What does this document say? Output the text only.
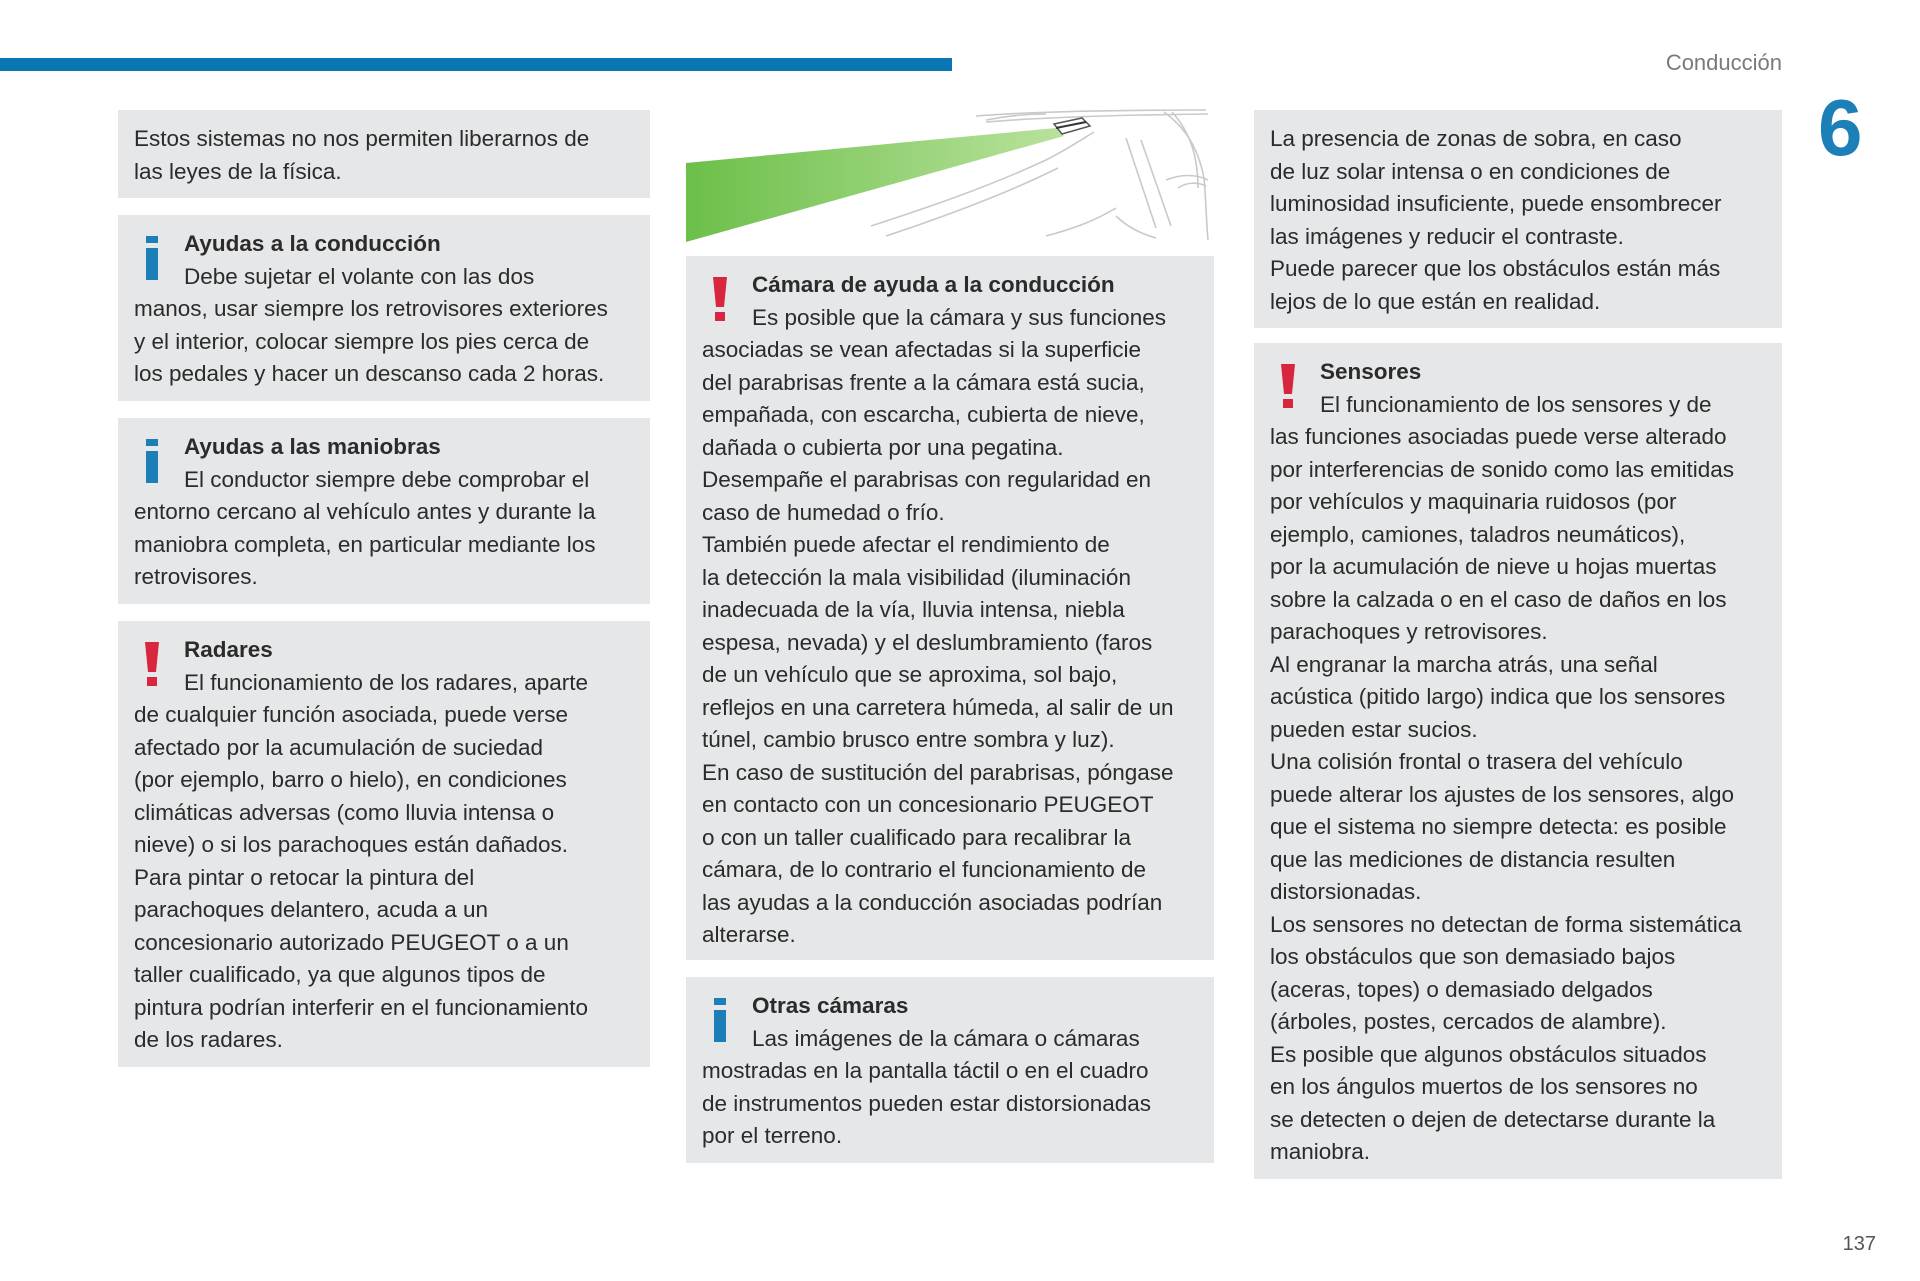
Conducción
6

Estos sistemas no nos permiten liberarnos de
las leyes de la física.

Ayudas a la conducción
Debe sujetar el volante con las dos

manos, usar siempre los retrovisores exteriores
y el interior, colocar siempre los pies cerca de
los pedales y hacer un descanso cada 2 horas.

Ayudas a las maniobras
El conductor siempre debe comprobar el

entorno cercano al vehículo antes y durante la
maniobra completa, en particular mediante los
retrovisores.

Radares
El funcionamiento de los radares, aparte

de cualquier función asociada, puede verse
afectado por la acumulación de suciedad
(por ejemplo, barro o hielo), en condiciones
climáticas adversas (como lluvia intensa o
nieve) o si los parachoques están dañados.
Para pintar o retocar la pintura del
parachoques delantero, acuda a un
concesionario autorizado PEUGEOT o a un
taller cualificado, ya que algunos tipos de
pintura podrían interferir en el funcionamiento
de los radares.

Cámara de ayuda a la conducción
Es posible que la cámara y sus funciones

asociadas se vean afectadas si la superficie
del parabrisas frente a la cámara está sucia,
empañada, con escarcha, cubierta de nieve,
dañada o cubierta por una pegatina.
Desempañe el parabrisas con regularidad en
caso de humedad o frío.
También puede afectar el rendimiento de
la detección la mala visibilidad (iluminación
inadecuada de la vía, lluvia intensa, niebla
espesa, nevada) y el deslumbramiento (faros
de un vehículo que se aproxima, sol bajo,
reflejos en una carretera húmeda, al salir de un
túnel, cambio brusco entre sombra y luz).
En caso de sustitución del parabrisas, póngase
en contacto con un concesionario PEUGEOT
o con un taller cualificado para recalibrar la
cámara, de lo contrario el funcionamiento de
las ayudas a la conducción asociadas podrían
alterarse.

Otras cámaras
Las imágenes de la cámara o cámaras

mostradas en la pantalla táctil o en el cuadro
de instrumentos pueden estar distorsionadas
por el terreno.

La presencia de zonas de sobra, en caso
de luz solar intensa o en condiciones de
luminosidad insuficiente, puede ensombrecer
las imágenes y reducir el contraste.
Puede parecer que los obstáculos están más
lejos de lo que están en realidad.

Sensores
El funcionamiento de los sensores y de

las funciones asociadas puede verse alterado
por interferencias de sonido como las emitidas
por vehículos y maquinaria ruidosos (por
ejemplo, camiones, taladros neumáticos),
por la acumulación de nieve u hojas muertas
sobre la calzada o en el caso de daños en los
parachoques y retrovisores.
Al engranar la marcha atrás, una señal
acústica (pitido largo) indica que los sensores
pueden estar sucios.
Una colisión frontal o trasera del vehículo
puede alterar los ajustes de los sensores, algo
que el sistema no siempre detecta: es posible
que las mediciones de distancia resulten
distorsionadas.
Los sensores no detectan de forma sistemática
los obstáculos que son demasiado bajos
(aceras, topes) o demasiado delgados
(árboles, postes, cercados de alambre).
Es posible que algunos obstáculos situados
en los ángulos muertos de los sensores no
se detecten o dejen de detectarse durante la
maniobra.

137
